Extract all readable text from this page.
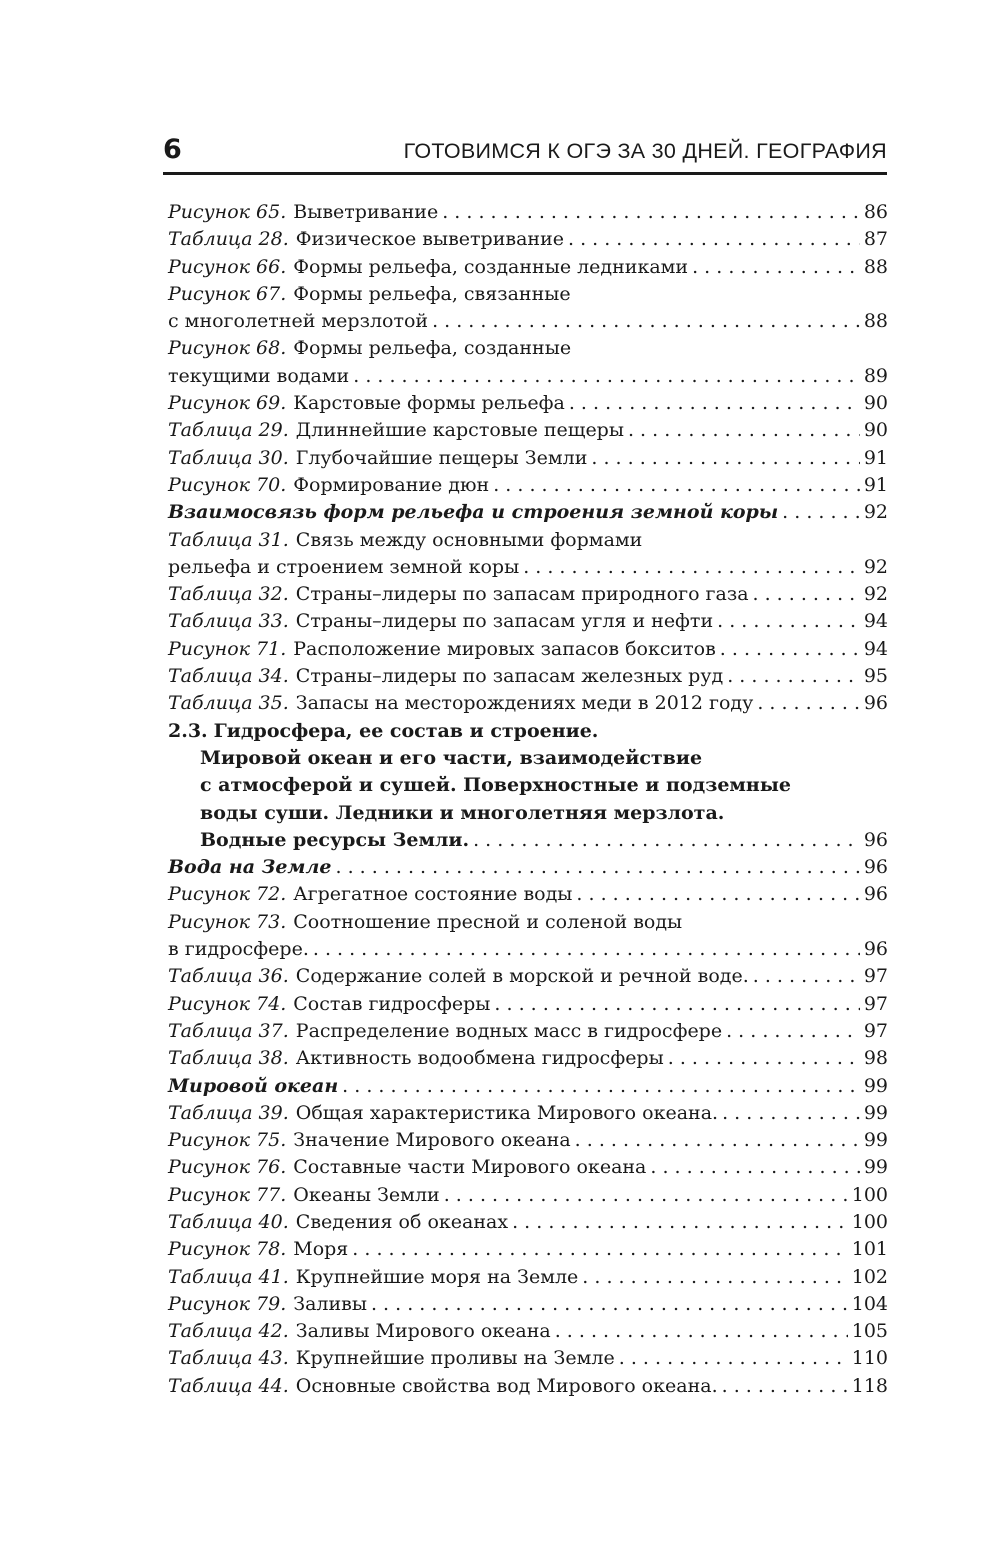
6	ГОТОВИМСЯ К ОГЭ ЗА 30 ДНЕЙ. ГЕОГРАФИЯ
Рисунок 65. Выветривание . . .	86
Таблица 28. Физическое выветривание . . .	87
Рисунок 66. Формы рельефа, созданные ледниками . . .	88
Рисунок 67. Формы рельефа, связанные
с многолетней мерзлотой . . .	88
Рисунок 68. Формы рельефа, созданные
текущими водами . . .	89
Рисунок 69. Карстовые формы рельефа . . .	90
Таблица 29. Длиннейшие карстовые пещеры . . .	90
Таблица 30. Глубочайшие пещеры Земли . . .	91
Рисунок 70. Формирование дюн . . .	91
Взаимосвязь форм рельефа и строения земной коры . . .	92
Таблица 31. Связь между основными формами
рельефа и строением земной коры . . .	92
Таблица 32. Страны–лидеры по запасам природного газа . . .	92
Таблица 33. Страны–лидеры по запасам угля и нефти . . .	94
Рисунок 71. Расположение мировых запасов бокситов . . .	94
Таблица 34. Страны–лидеры по запасам железных руд . . .	95
Таблица 35. Запасы на месторождениях меди в 2012 году . . .	96
2.3. Гидросфера, ее состав и строение.
Мировой океан и его части, взаимодействие
с атмосферой и сушей. Поверхностные и подземные
воды суши. Ледники и многолетняя мерзлота.
Водные ресурсы Земли. . . .	96
Вода на Земле . . .	96
Рисунок 72. Агрегатное состояние воды . . .	96
Рисунок 73. Соотношение пресной и соленой воды
в гидросфере. . . .	96
Таблица 36. Содержание солей в морской и речной воде. . . .	97
Рисунок 74. Состав гидросферы . . .	97
Таблица 37. Распределение водных масс в гидросфере . . .	97
Таблица 38. Активность водообмена гидросферы . . .	98
Мировой океан . . .	99
Таблица 39. Общая характеристика Мирового океана. . . .	99
Рисунок 75. Значение Мирового океана . . .	99
Рисунок 76. Составные части Мирового океана . . .	99
Рисунок 77. Океаны Земли . . .	100
Таблица 40. Сведения об океанах . . .	100
Рисунок 78. Моря . . .	101
Таблица 41. Крупнейшие моря на Земле . . .	102
Рисунок 79. Заливы . . .	104
Таблица 42. Заливы Мирового океана . . .	105
Таблица 43. Крупнейшие проливы на Земле . . .	110
Таблица 44. Основные свойства вод Мирового океана. . . .	118
